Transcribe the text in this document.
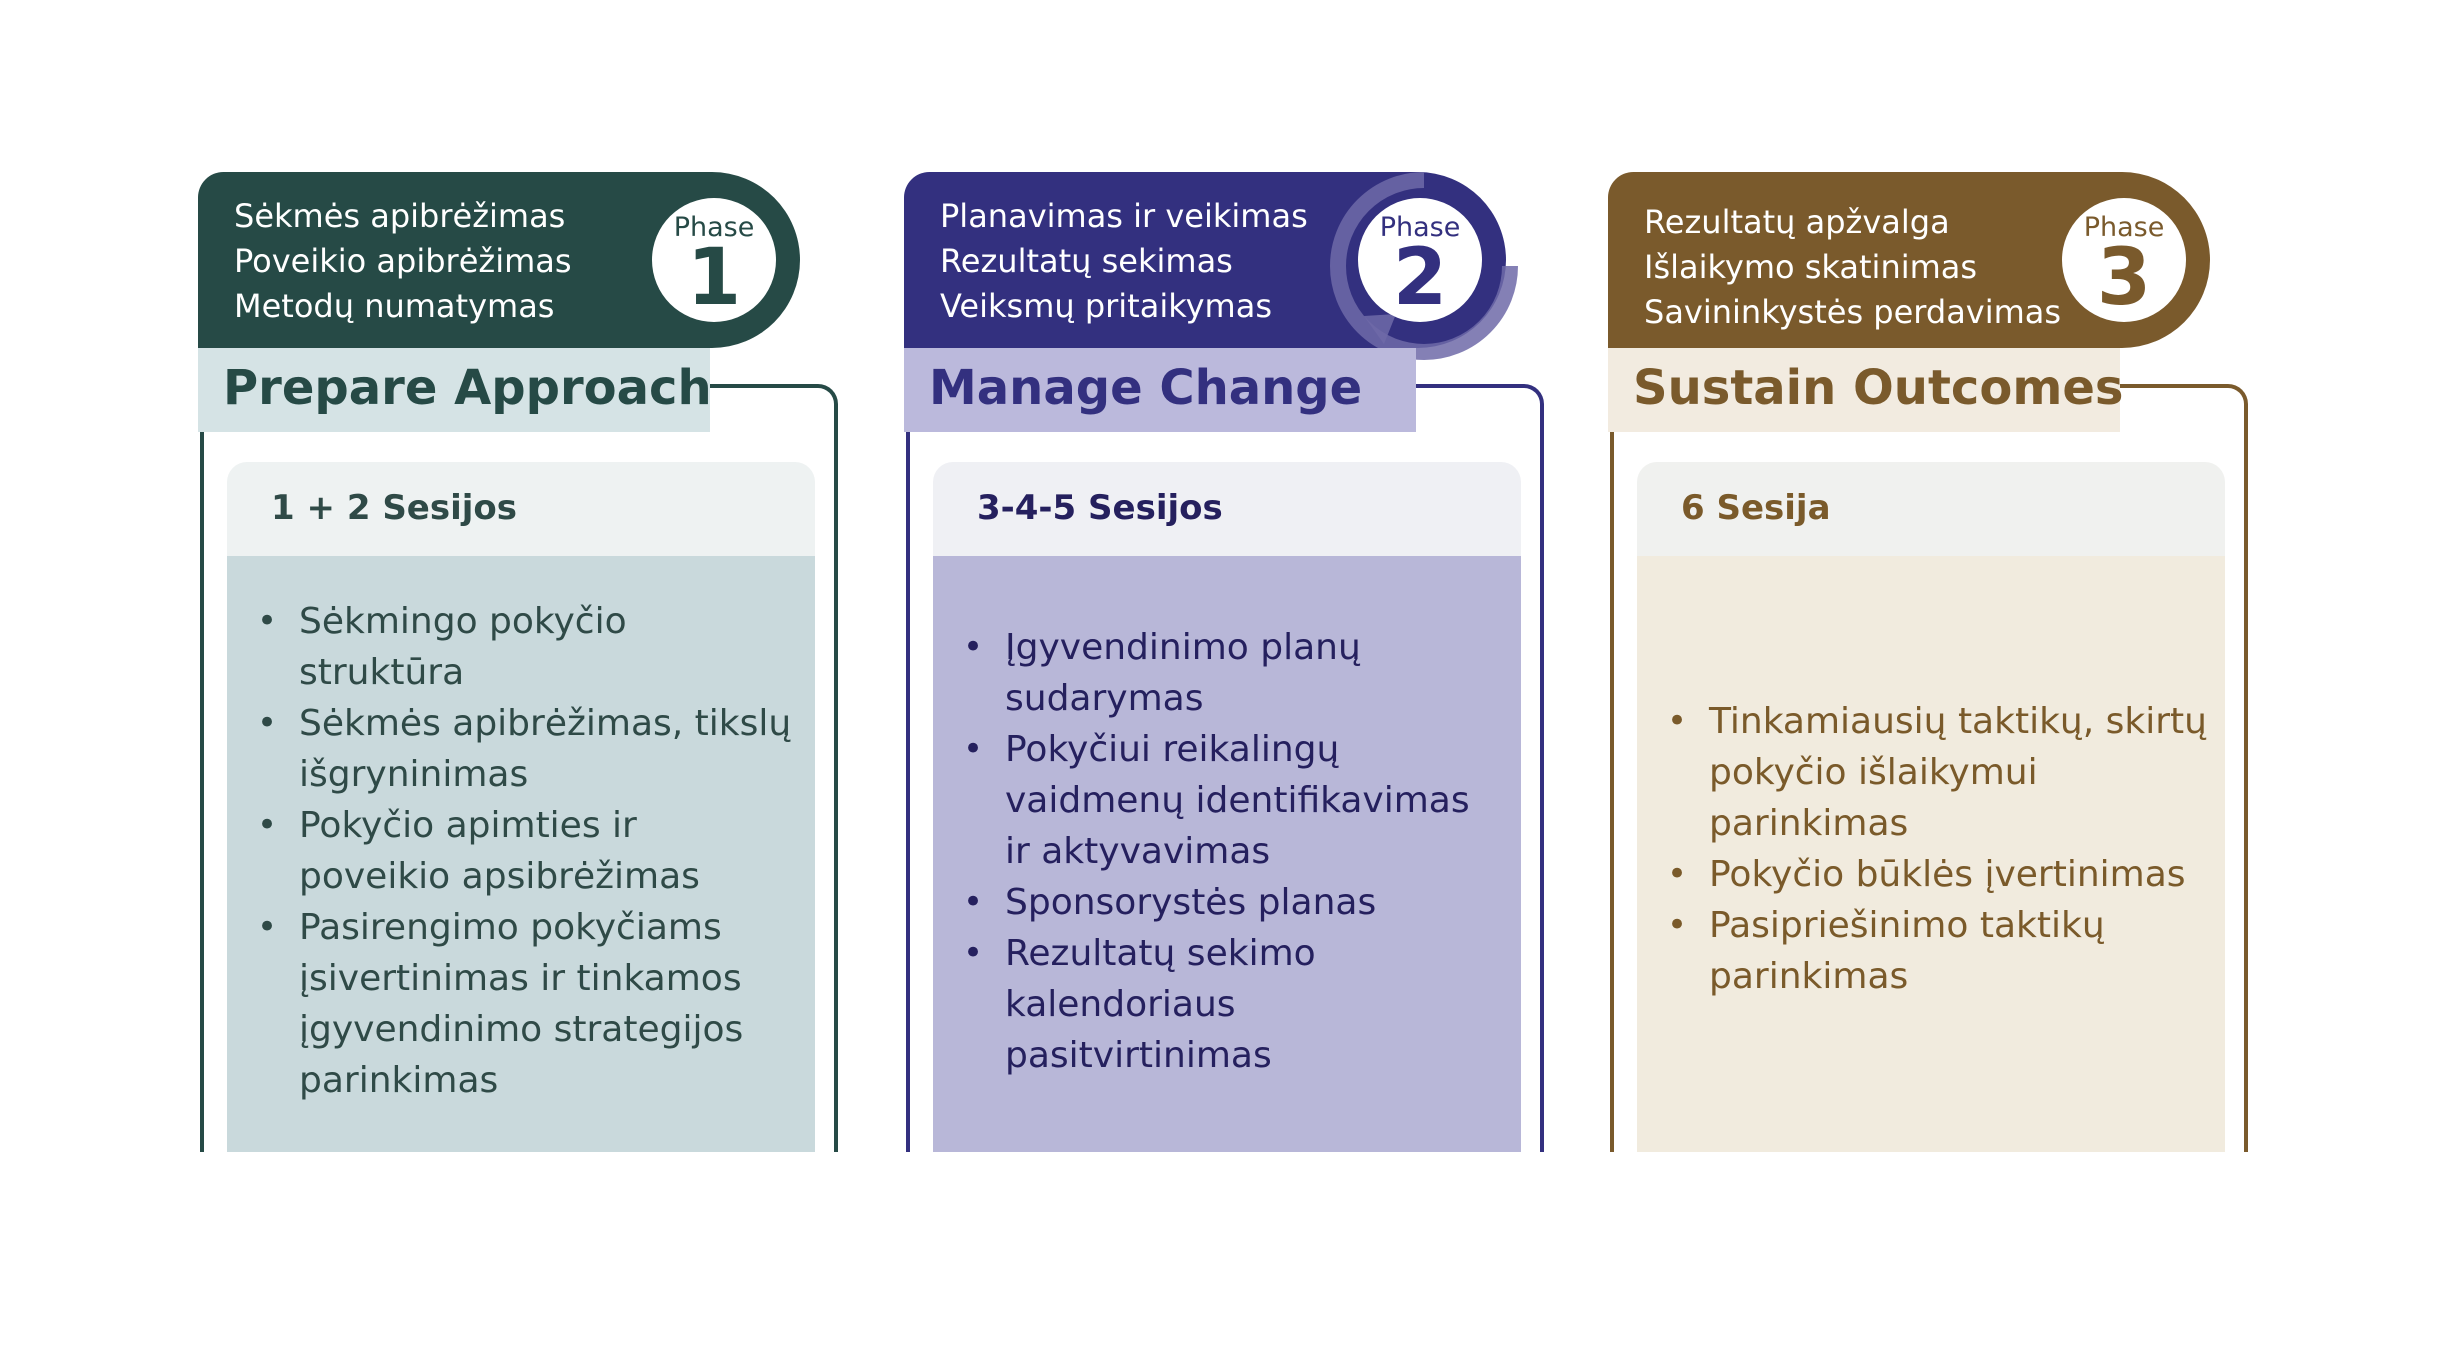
Sėkmės apibrėžimas
Poveikio apibrėžimas
Metodų numatymas
Phase
1
Prepare Approach
1 + 2 Sesijos
• Sėkmingo pokyčio struktūra
• Sėkmės apibrėžimas, tikslų išgryninimas
• Pokyčio apimties ir poveikio apsibrėžimas
• Pasirengimo pokyčiams įsivertinimas ir tinkamos įgyvendinimo strategijos parinkimas
Planavimas ir veikimas
Rezultatų sekimas
Veiksmų pritaikymas
Phase
2
Manage Change
3-4-5 Sesijos
• Įgyvendinimo planų sudarymas
• Pokyčiui reikalingų vaidmenų identifikavimas ir aktyvavimas
• Sponsorystės planas
• Rezultatų sekimo kalendoriaus pasitvirtinimas
Rezultatų apžvalga
Išlaikymo skatinimas
Savininkystės perdavimas
Phase
3
Sustain Outcomes
6 Sesija
• Tinkamiausių taktikų, skirtų pokyčio išlaikymui parinkimas
• Pokyčio būklės įvertinimas
• Pasipriešinimo taktikų parinkimas
